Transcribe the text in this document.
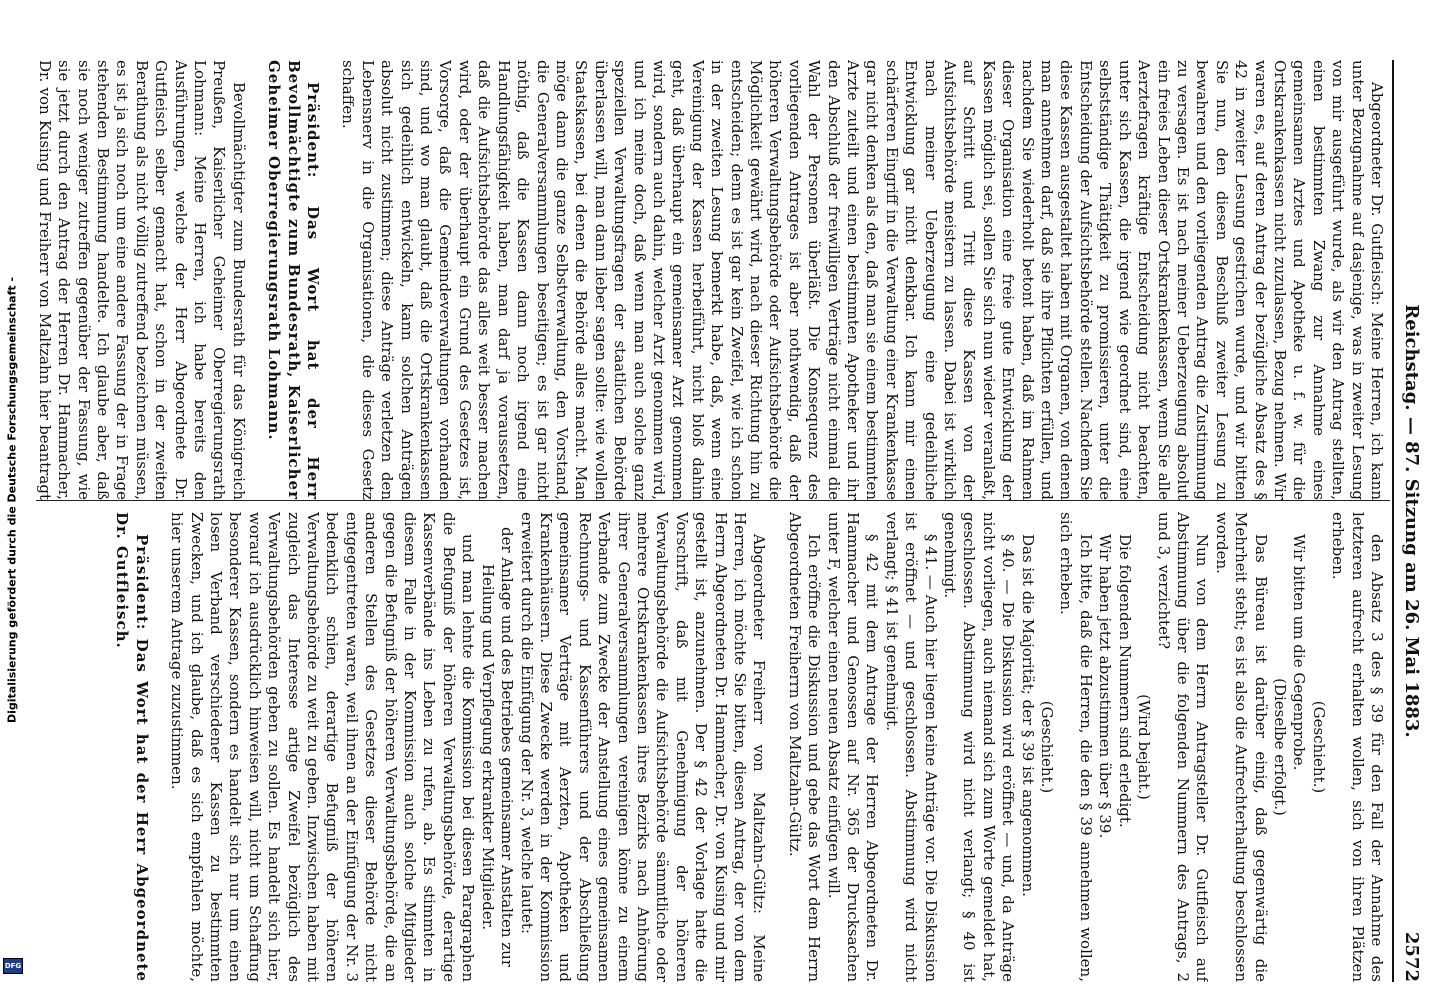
Digitalisierung gefördert durch die Deutsche Forschungsgemeinschaft -
DFG
Reichstag. — 87. Sitzung am 26. Mai 1883.
2572

den Absatz 3 des § 39 für den Fall der Annahme des letzteren aufrecht erhalten wollen, sich von ihren Plätzen erheben.

(Geschieht.)

Wir bitten um die Gegenprobe.

(Dieselbe erfolgt.)

Das Büreau ist darüber einig, daß gegenwärtig die Mehrheit steht; es ist also die Aufrechterhaltung beschlossen worden.

Nun von dem Herrn Antragsteller Dr. Gutfleisch auf Abstimmung über die folgenden Nummern des Antrags, 2 und 3, verzichtet?

(Wird bejaht.)

Die folgenden Nummern sind erledigt.

Wir haben jetzt abzustimmen über § 39.

Ich bitte, daß die Herren, die den § 39 annehmen wollen, sich erheben.

(Geschieht.)

Das ist die Majorität; der § 39 ist angenommen.

§ 40. — Die Diskussion wird eröffnet — und, da Anträge nicht vorliegen, auch niemand sich zum Worte gemeldet hat, geschlossen. Abstimmung wird nicht verlangt; § 40 ist genehmigt.

§ 41. — Auch hier liegen keine Anträge vor. Die Diskussion ist eröffnet — und geschlossen. Abstimmung wird nicht verlangt; § 41 ist genehmigt.

§ 42 mit dem Antrage der Herren Abgeordneten Dr. Hammacher und Genossen auf Nr. 365 der Drucksachen unter F, welcher einen neuen Absatz einfügen will.

Ich eröffne die Diskussion und gebe das Wort dem Herrn Abgeordneten Freiherrn von Maltzahn-Gültz.

Abgeordneter Freiherr von Maltzahn-Gültz: Meine Herren, ich möchte Sie bitten, diesen Antrag, der von dem Herrn Abgeordneten Dr. Hammacher, Dr. von Kusing und mir gestellt ist, anzunehmen. Der § 42 der Vorlage hatte die Vorschrift, daß mit Genehmigung der höheren Verwaltungsbehörde die Aufsichtsbehörde sämmtliche oder mehrere Ortskrankenkassen ihres Bezirks nach Anhörung ihrer Generalversammlungen vereinigen könne zu einem Verbande zum Zwecke der Anstellung eines gemeinsamen Rechnungs- und Kassenführers und der Abschließung gemeinsamer Verträge mit Aerzten, Apotheken und Krankenhäusern. Diese Zwecke werden in der Kommission erweitert durch die Einfügung der Nr. 3, welche lautet:

der Anlage und des Betriebes gemeinsamer Anstalten zur Heilung und Verpflegung erkrankter Mitglieder.

und man lehnte die Kommission bei diesen Paragraphen die Befugniß der höheren Verwaltungsbehörde, derartige Kassenverbände ins Leben zu rufen, ab. Es stimmten in diesem Falle in der Kommission auch solche Mitglieder gegen die Befugniß der höheren Verwaltungsbehörde, die an anderen Stellen des Gesetzes dieser Behörde nicht entgegentreten waren, weil ihnen an der Einfügung der Nr. 3 bedenklich schien, derartige Befugniß der höheren Verwaltungsbehörde zu weit zu geben. Inzwischen haben mit zugleich das Interesse artige Zweifel bezüglich des Verwaltungsbehörden geben zu sollen. Es handelt sich hier, worauf ich ausdrücklich hinweisen will, nicht um Schaffung besonderer Kassen, sondern es handelt sich nur um einen losen Verband verschiedener Kassen zu bestimmten Zwecken, und ich glaube, daß es sich empfehlen möchte, hier unserem Antrage zuzustimmen.

Präsident: Das Wort hat der Herr Abgeordnete Dr. Gutfleisch.

Abgeordneter Dr. Gutfleisch: Meine Herren, ich kann unter Bezugnahme auf dasjenige, was in zweiter Lesung von mir ausgeführt wurde, als wir den Antrag stellten, einen bestimmten Zwang zur Annahme eines gemeinsamen Arztes und Apotheke u. f. w. für die Ortskrankenkassen nicht zuzulassen, Bezug nehmen. Wir waren es, auf deren Antrag der bezügliche Absatz des § 42 in zweiter Lesung gestrichen wurde, und wir bitten Sie nun, den diesen Beschluß zweiter Lesung zu bewahren und den vorliegenden Antrag die Zustimmung zu versagen. Es ist nach meiner Ueberzeugung absolut ein freies Leben dieser Ortskrankenkassen, wenn Sie alle Aerztefragen kräftige Entscheidung nicht beachten, unter sich Kassen, die irgend wie geordnet sind, eine selbstständige Thätigkeit zu promissieren, unter die Entscheidung der Aufsichtsbehörde stellen. Nachdem Sie diese Kassen ausgestaltet haben mit Organen, von denen man annehmen darf, daß sie ihre Pflichten erfüllen, und nachdem Sie wiederholt betont haben, daß im Rahmen dieser Organisation eine freie gute Entwicklung der Kassen möglich sei, sollen Sie sich nun wieder veranlaßt, auf Schritt und Tritt diese Kassen von der Aufsichtsbehörde meistern zu lassen. Dabei ist wirklich nach meiner Ueberzeugung eine gedeihliche Entwicklung gar nicht denkbar. Ich kann mir einen schärferen Eingriff in die Verwaltung einer Krankenkasse gar nicht denken als den, daß man sie einem bestimmten Arzte zuteilt und einen bestimmten Apotheker und ihr den Abschluß der freiwilligen Verträge nicht einmal die Wahl der Personen überläßt. Die Konsequenz des vorliegenden Antrages ist aber nothwendig, daß der höheren Verwaltungsbehörde oder Aufsichtsbehörde die Möglichkeit gewährt wird, nach dieser Richtung hin zu entscheiden; denn es ist gar kein Zweifel, wie ich schon in der zweiten Lesung bemerkt habe, daß, wenn eine Vereinigung der Kassen herbeiführt, nicht bloß dahin geht, daß überhaupt ein gemeinsamer Arzt genommen wird, sondern auch dahin, welcher Arzt genommen wird, und ich meine doch, daß wenn man auch solche ganz speziellen Verwaltungsfragen der staatlichen Behörde überlassen will, man dann lieber sagen sollte: wie wollen Staatskassen, bei denen die Behörde alles macht. Man möge dann die ganze Selbstverwaltung, den Vorstand, die Generalversammlungen beseitigen; es ist gar nicht nöthig, daß die Kassen dann noch irgend eine Handlungsfähigkeit haben, man darf ja voraussetzen, daß die Aufsichtsbehörde das alles weit besser machen wird, oder der überhaupt ein Grund des Gesetzes ist, Vorsorge, daß die Gemeindeverwaltungen vorhanden sind, und wo man glaubt, daß die Ortskrankenkassen sich gedeihlich entwickeln, kann solchen Anträgen absolut nicht zustimmen; diese Anträge verletzen den Lebensnerv in die Organisationen, die dieses Gesetz schaffen.

Präsident: Das Wort hat der Herr Bevollmächtigte zum Bundesrath, Kaiserlicher Geheimer Oberregierungsrath Lohmann.

Bevollmächtigter zum Bundesrath für das Königreich Preußen, Kaiserlicher Geheimer Oberregierungsrath Lohmann: Meine Herren, ich habe bereits den Ausführungen, welche der Herr Abgeordnete Dr. Gutfleisch selber gemacht hat, schon in der zweiten Berathung als nicht völlig zutreffend bezeichnen müssen, es ist ja sich noch um eine andere Fassung der in Frage stehenden Bestimmung handelte. Ich glaube aber, daß sie noch weniger zutreffen gegenüber der Fassung, wie sie jetzt durch den Antrag der Herren Dr. Hammacher, Dr. von Kusing und Freiherr von Maltzahn hier beantragt
